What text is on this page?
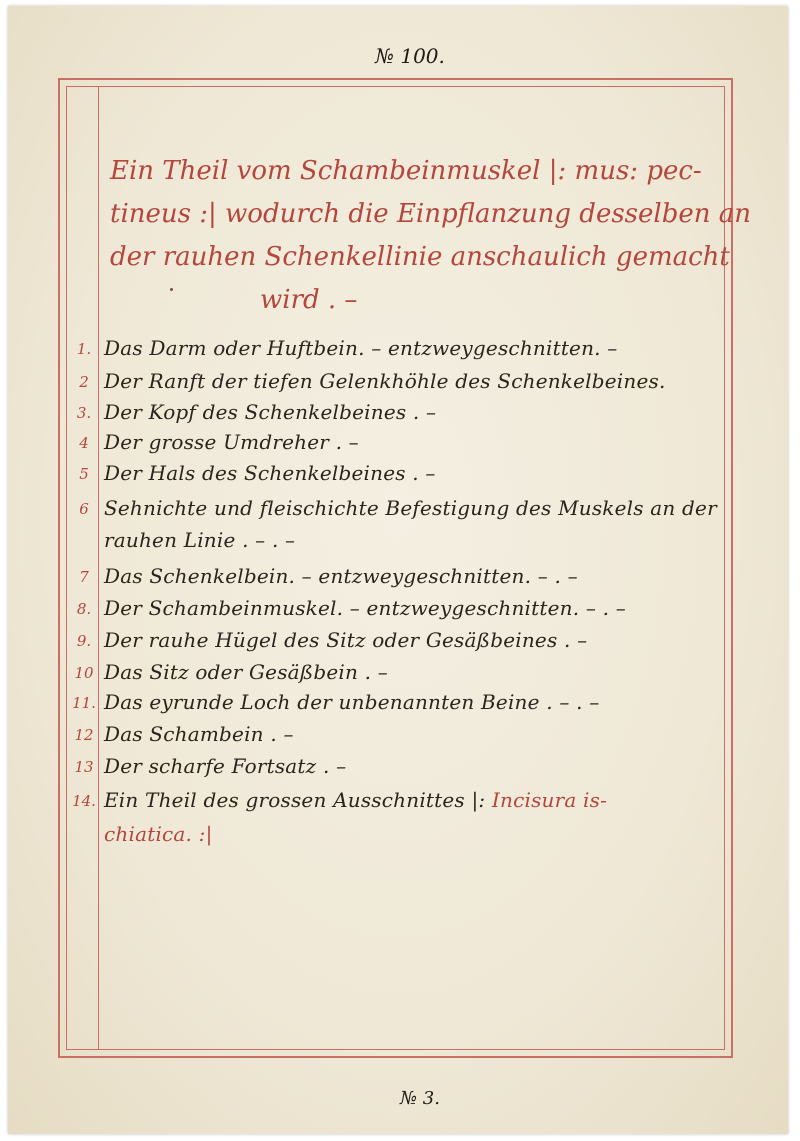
№ 100.
Ein Theil vom Schambeinmuskel |: mus: pec-
tineus :| wodurch die Einpflanzung desselben an
der rauhen Schenkellinie anschaulich gemacht
wird . –
1. Das Darm oder Huftbein. – entzweygeschnitten. –
2 Der Ranft der tiefen Gelenkhöhle des Schenkelbeines.
3. Der Kopf des Schenkelbeines . –
4 Der grosse Umdreher . –
5 Der Hals des Schenkelbeines . –
6 Sehnichte und fleischichte Befestigung des Muskels an der
rauhen Linie . – . –
7 Das Schenkelbein. – entzweygeschnitten. – . –
8. Der Schambeinmuskel. – entzweygeschnitten. – . –
9. Der rauhe Hügel des Sitz oder Gesäßbeines . –
10 Das Sitz oder Gesäßbein . –
11. Das eyrunde Loch der unbenannten Beine . – . –
12 Das Schambein . –
13 Der scharfe Fortsatz . –
14. Ein Theil des grossen Ausschnittes |: Incisura is-
chiatica. :|
№ 3.
